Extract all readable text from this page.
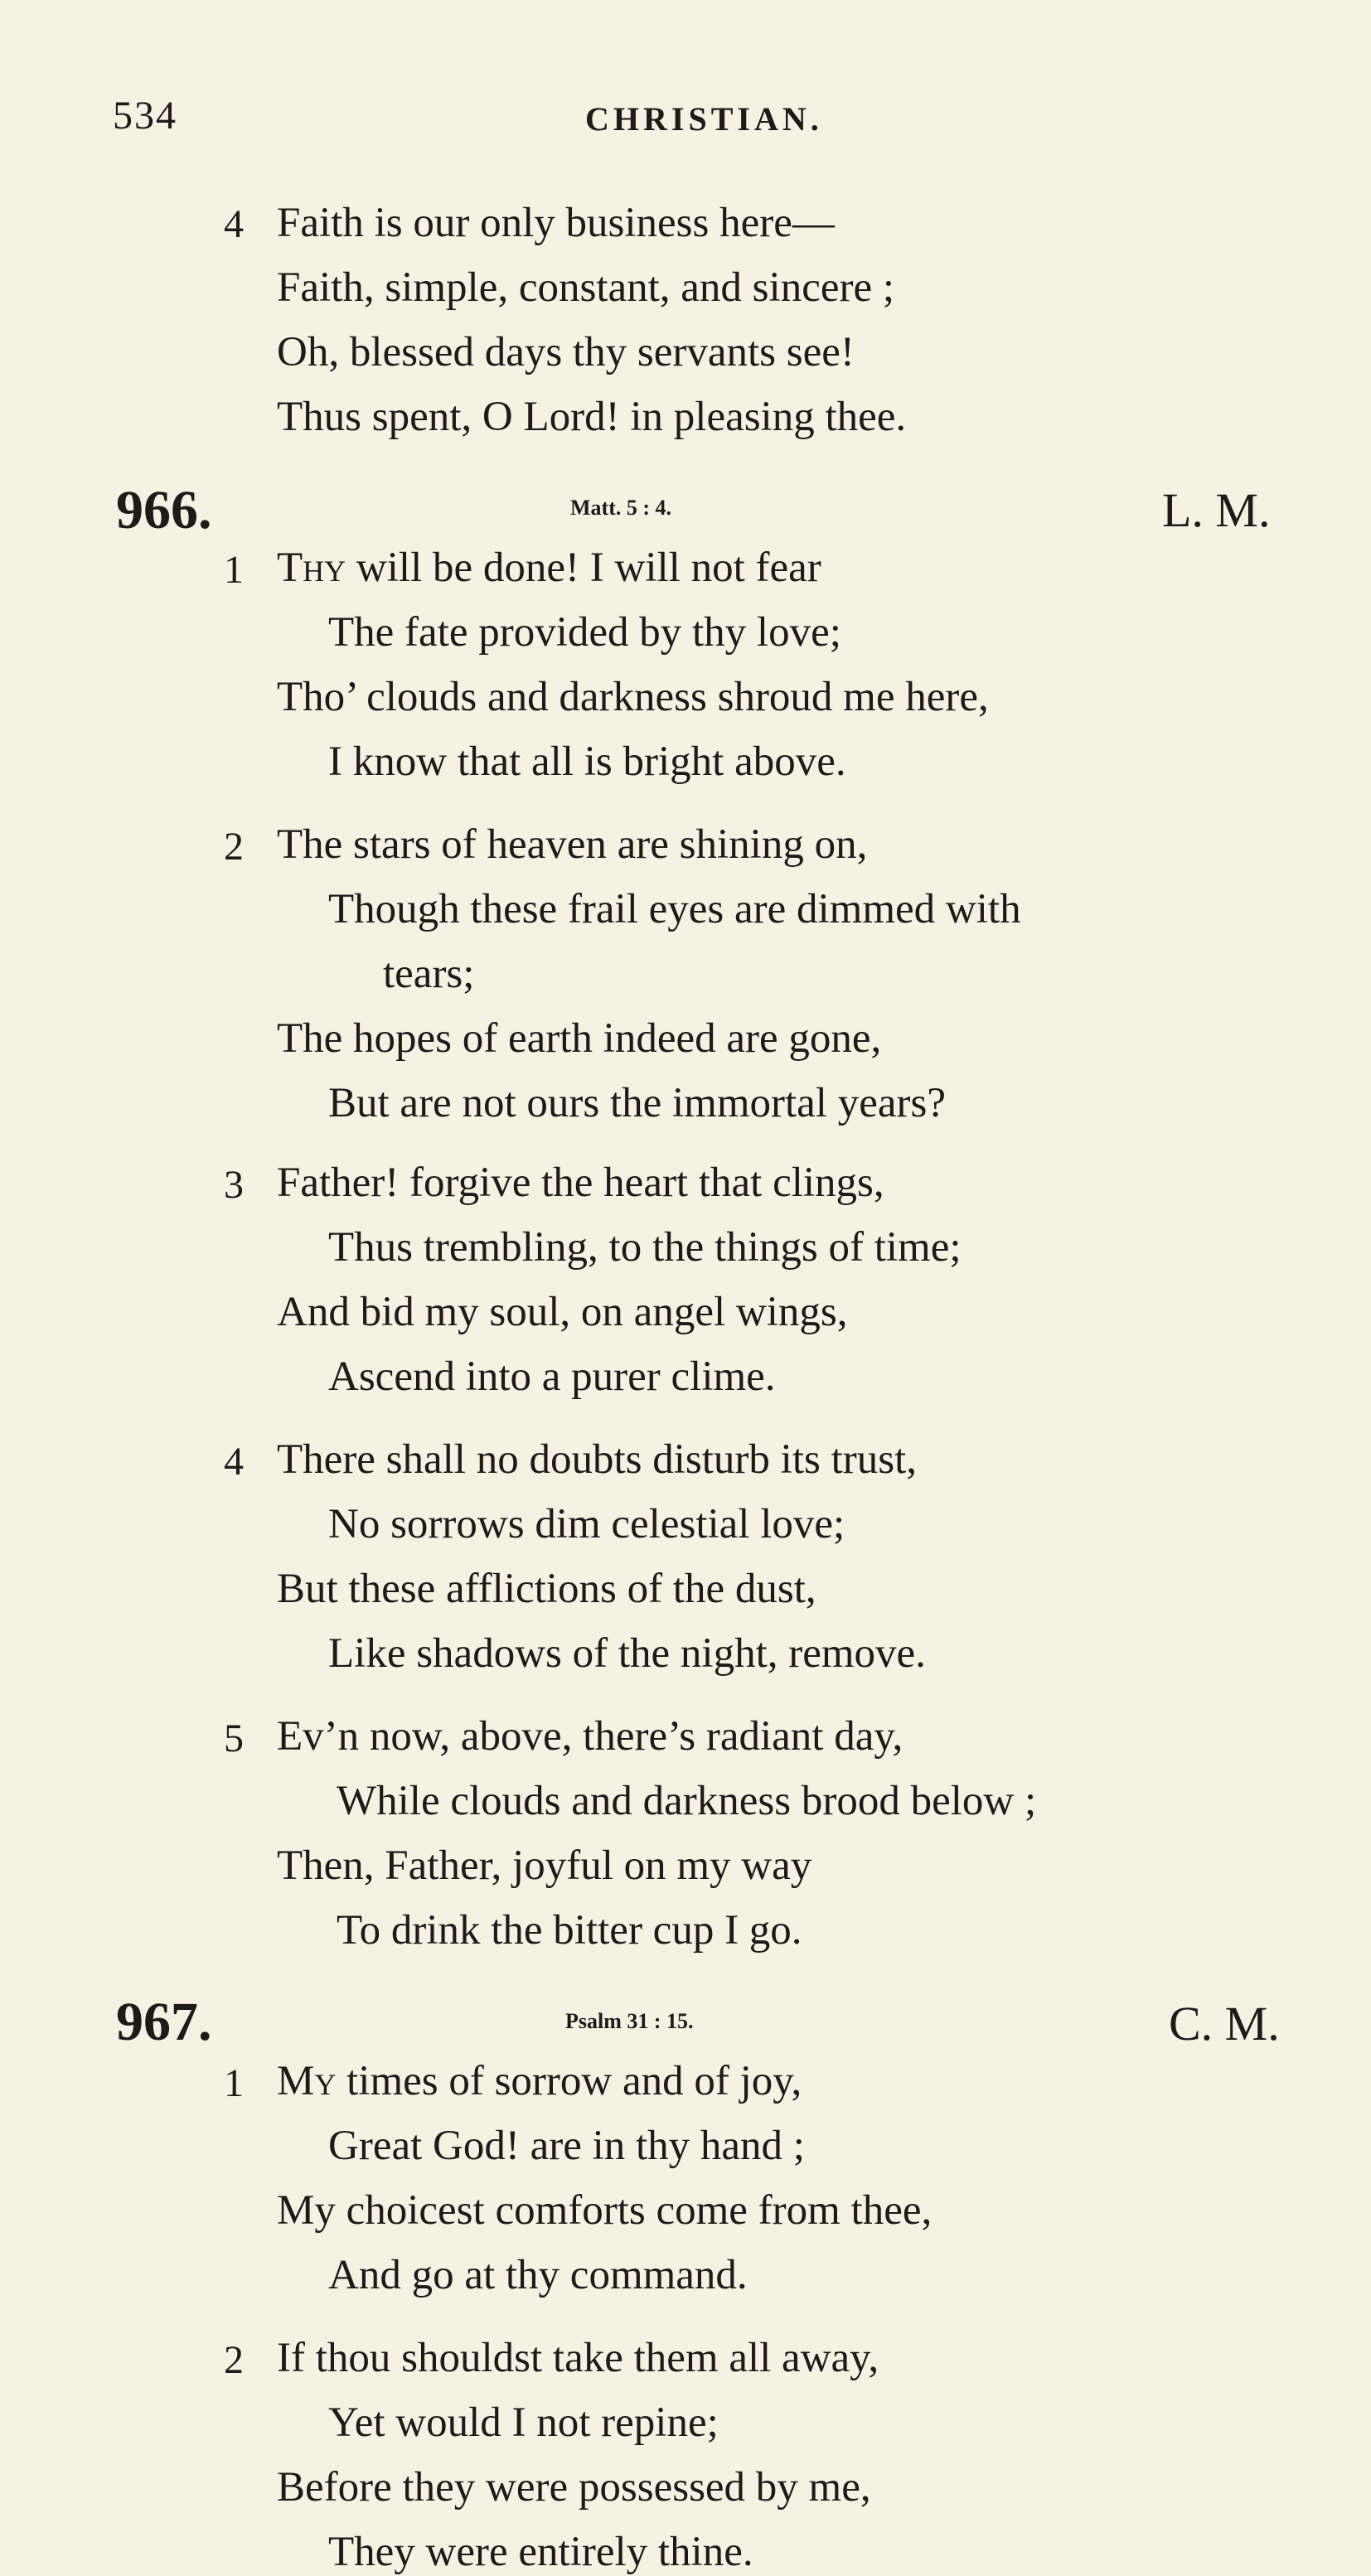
534	CHRISTIAN.
4 Faith is our only business here—
Faith, simple, constant, and sincere ;
Oh, blessed days thy servants see!
Thus spent, O Lord! in pleasing thee.
966.	Matt. 5 : 4.	L. M.
1 Thy will be done! I will not fear
The fate provided by thy love;
Tho’ clouds and darkness shroud me here,
I know that all is bright above.
2 The stars of heaven are shining on,
Though these frail eyes are dimmed with
tears;
The hopes of earth indeed are gone,
But are not ours the immortal years?
3 Father! forgive the heart that clings,
Thus trembling, to the things of time;
And bid my soul, on angel wings,
Ascend into a purer clime.
4 There shall no doubts disturb its trust,
No sorrows dim celestial love;
But these afflictions of the dust,
Like shadows of the night, remove.
5 Ev’n now, above, there’s radiant day,
While clouds and darkness brood below ;
Then, Father, joyful on my way
To drink the bitter cup I go.
967.	Psalm 31 : 15.	C. M.
1 My times of sorrow and of joy,
Great God! are in thy hand ;
My choicest comforts come from thee,
And go at thy command.
2 If thou shouldst take them all away,
Yet would I not repine;
Before they were possessed by me,
They were entirely thine.
